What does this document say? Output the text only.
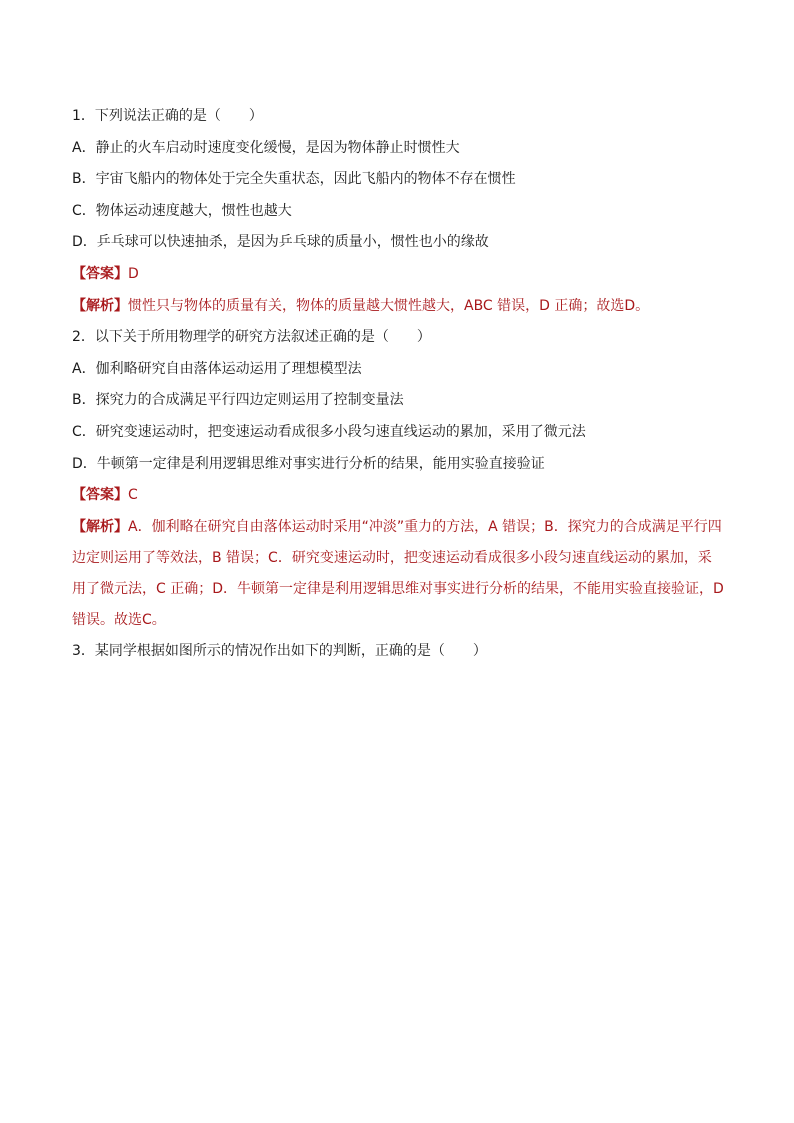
1．下列说法正确的是（　　）
A．静止的火车启动时速度变化缓慢，是因为物体静止时惯性大
B．宇宙飞船内的物体处于完全失重状态，因此飞船内的物体不存在惯性
C．物体运动速度越大，惯性也越大
D．乒乓球可以快速抽杀，是因为乒乓球的质量小，惯性也小的缘故
【答案】D
【解析】惯性只与物体的质量有关，物体的质量越大惯性越大，ABC 错误，D 正确；故选D。
2．以下关于所用物理学的研究方法叙述正确的是（　　）
A．伽利略研究自由落体运动运用了理想模型法
B．探究力的合成满足平行四边定则运用了控制变量法
C．研究变速运动时，把变速运动看成很多小段匀速直线运动的累加，采用了微元法
D．牛顿第一定律是利用逻辑思维对事实进行分析的结果，能用实验直接验证
【答案】C
【解析】A．伽利略在研究自由落体运动时采用“冲淡”重力的方法，A 错误；B．探究力的合成满足平行四边定则运用了等效法，B 错误；C．研究变速运动时，把变速运动看成很多小段匀速直线运动的累加，采用了微元法，C 正确；D．牛顿第一定律是利用逻辑思维对事实进行分析的结果，不能用实验直接验证，D 错误。故选C。
3．某同学根据如图所示的情况作出如下的判断，正确的是（　　）
